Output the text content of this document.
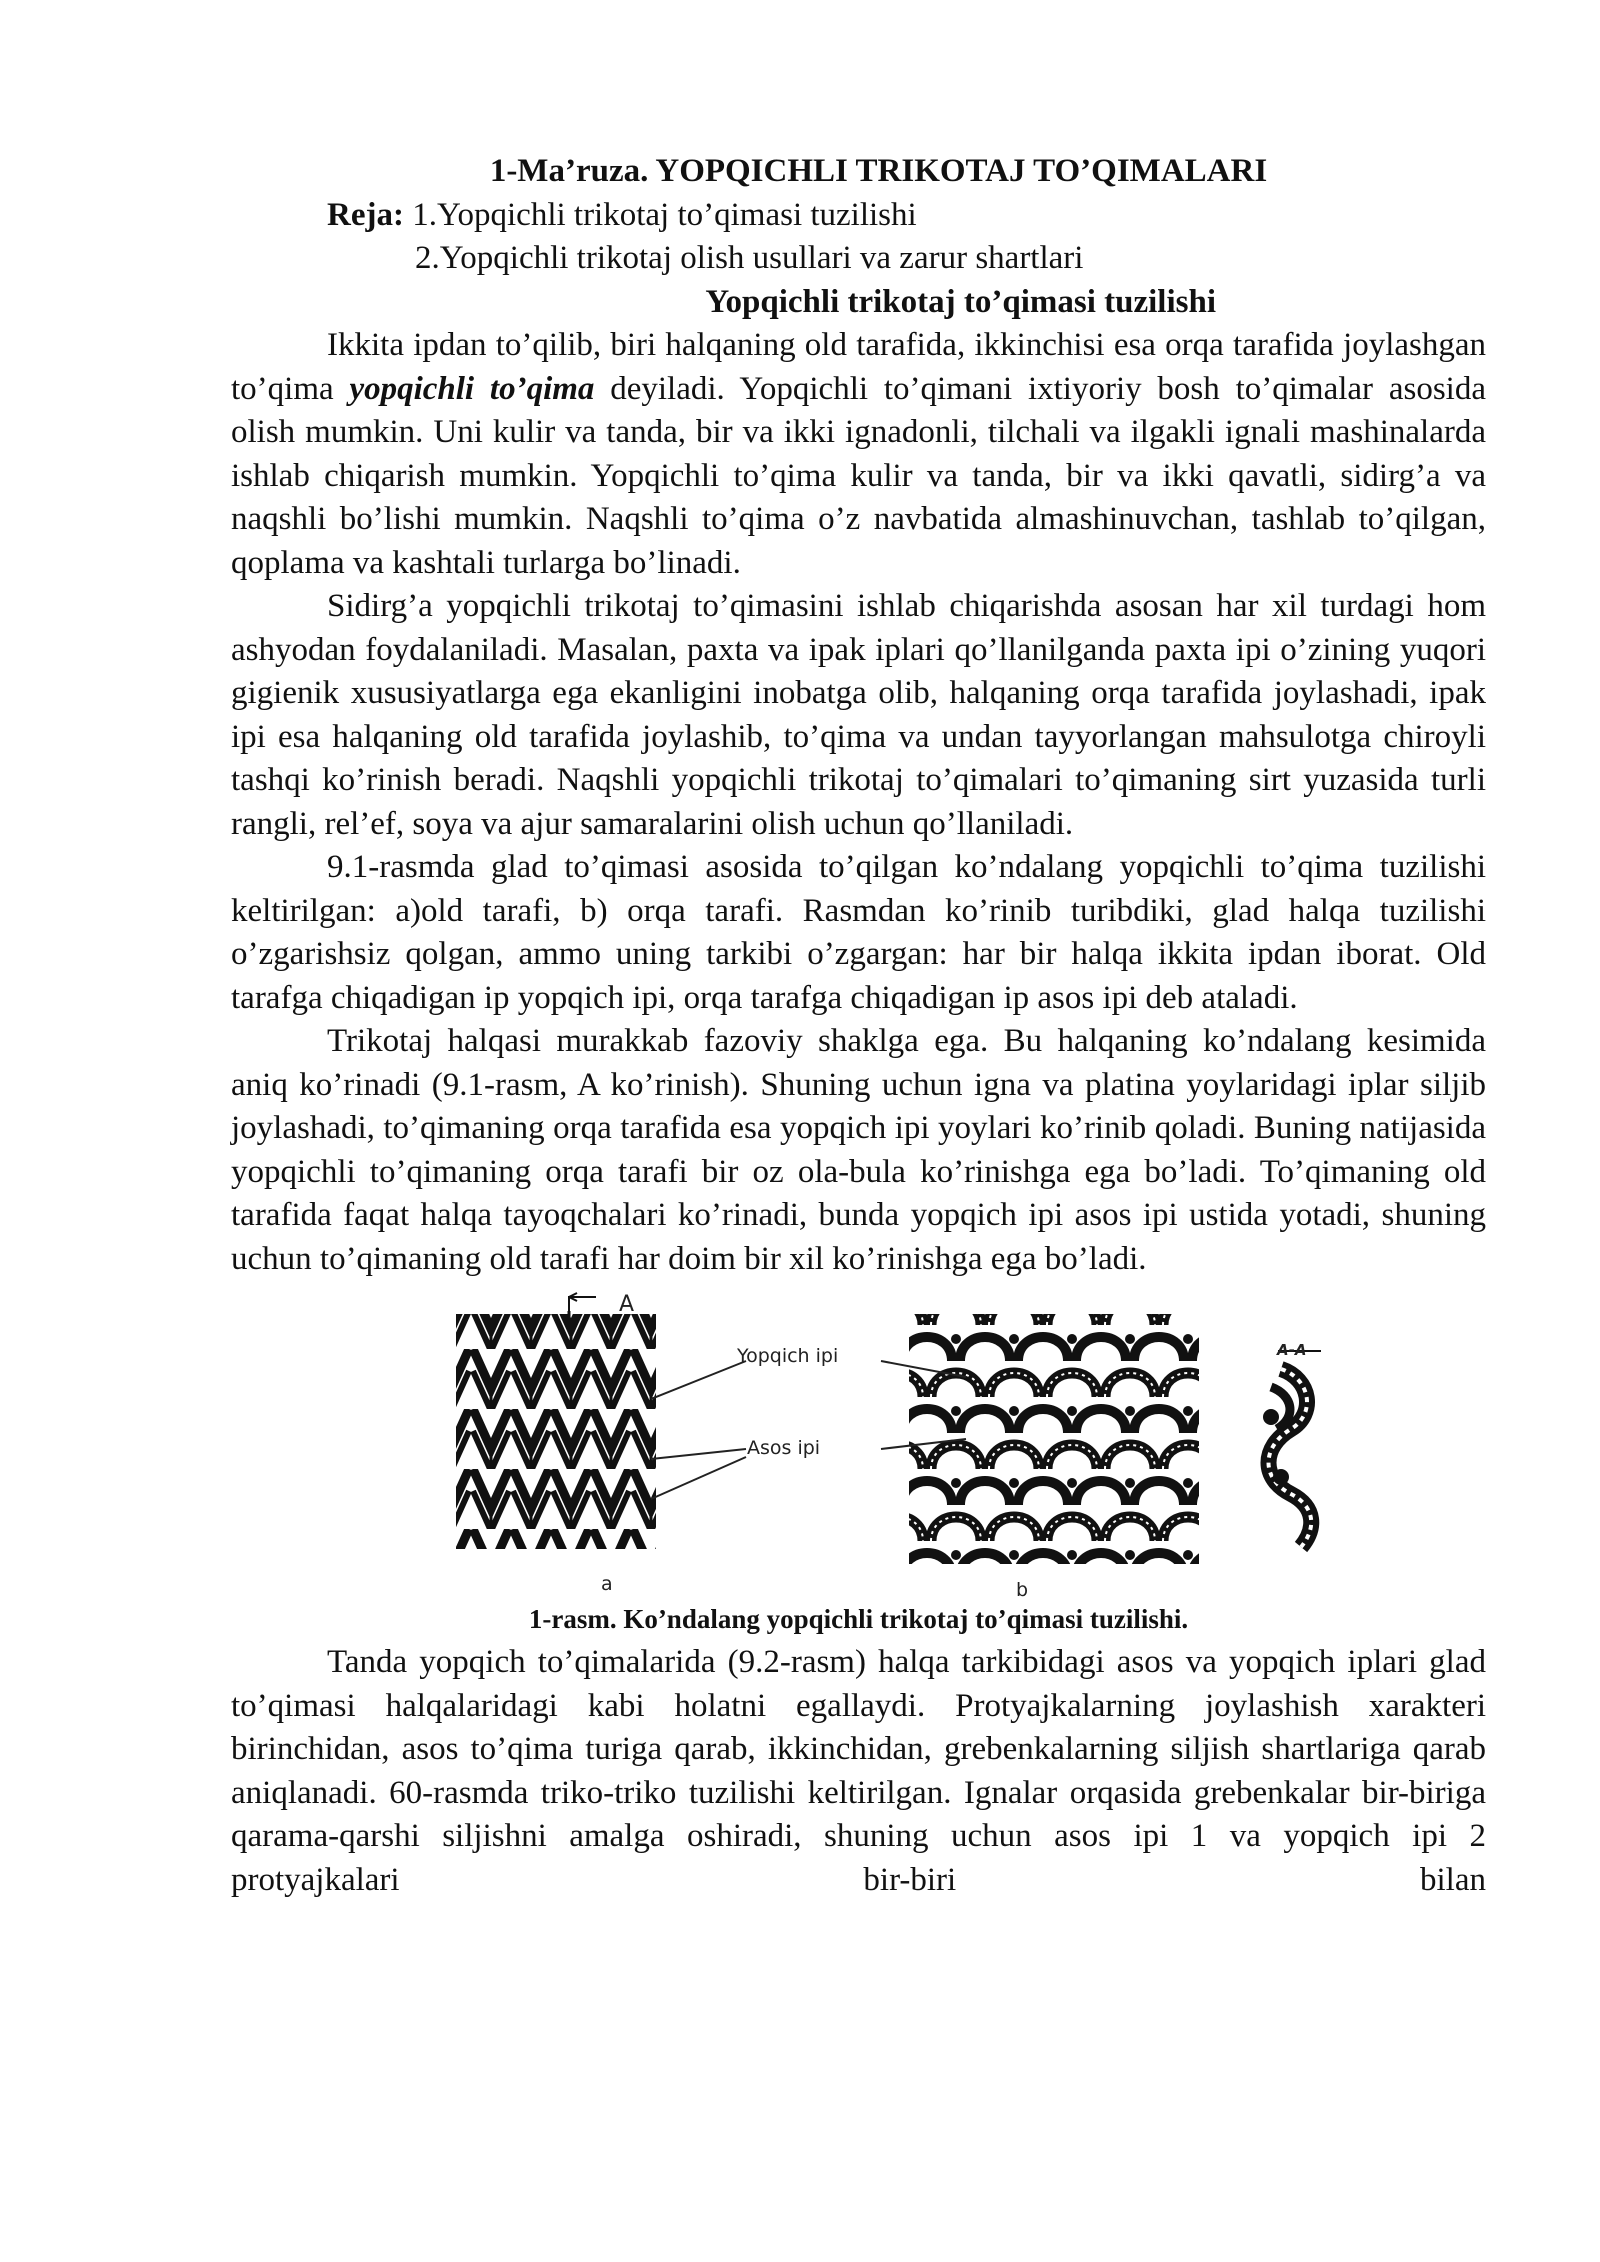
1-Ma’ruza. YOPQICHLI TRIKOTAJ TO’QIMALARI
Reja: 1.Yopqichli trikotaj to’qimasi tuzilishi
2.Yopqichli trikotaj olish usullari va zarur shartlari
Yopqichli trikotaj to’qimasi tuzilishi

Ikkita ipdan to’qilib, biri halqaning old tarafida, ikkinchisi esa orqa tarafida joylashgan to’qima yopqichli to’qima deyiladi. Yopqichli to’qimani ixtiyoriy bosh to’qimalar asosida olish mumkin. Uni kulir va tanda, bir va ikki ignadonli, tilchali va ilgakli ignali mashinalarda ishlab chiqarish mumkin. Yopqichli to’qima kulir va tanda, bir va ikki qavatli, sidirg’a va naqshli bo’lishi mumkin. Naqshli to’qima o’z navbatida almashinuvchan, tashlab to’qilgan, qoplama va kashtali turlarga bo’linadi.

Sidirg’a yopqichli trikotaj to’qimasini ishlab chiqarishda asosan har xil turdagi hom ashyodan foydalaniladi. Masalan, paxta va ipak iplari qo’llanilganda paxta ipi o’zining yuqori gigienik xususiyatlarga ega ekanligini inobatga olib, halqaning orqa tarafida joylashadi, ipak ipi esa halqaning old tarafida joylashib, to’qima va undan tayyorlangan mahsulotga chiroyli tashqi ko’rinish beradi. Naqshli yopqichli trikotaj to’qimalari to’qimaning sirt yuzasida turli rangli, rel’ef, soya va ajur samaralarini olish uchun qo’llaniladi.

9.1-rasmda glad to’qimasi asosida to’qilgan ko’ndalang yopqichli to’qima tuzilishi keltirilgan: a)old tarafi, b) orqa tarafi. Rasmdan ko’rinib turibdiki, glad halqa tuzilishi o’zgarishsiz qolgan, ammo uning tarkibi o’zgargan: har bir halqa ikkita ipdan iborat. Old tarafga chiqadigan ip yopqich ipi, orqa tarafga chiqadigan ip asos ipi deb ataladi.

Trikotaj halqasi murakkab fazoviy shaklga ega. Bu halqaning ko’ndalang kesimida aniq ko’rinadi (9.1-rasm, A ko’rinish). Shuning uchun igna va platina yoylaridagi iplar siljib joylashadi, to’qimaning orqa tarafida esa yopqich ipi yoylari ko’rinib qoladi. Buning natijasida yopqichli to’qimaning orqa tarafi bir oz ola-bula ko’rinishga ega bo’ladi. To’qimaning old tarafida faqat halqa tayoqchalari ko’rinadi, bunda yopqich ipi asos ipi ustida yotadi, shuning uchun to’qimaning old tarafi har doim bir xil ko’rinishga ega bo’ladi.

A
Yopqich ipi
Asos ipi
a	b
A-A
1-rasm. Ko’ndalang yopqichli trikotaj to’qimasi tuzilishi.

Tanda yopqich to’qimalarida (9.2-rasm) halqa tarkibidagi asos va yopqich iplari glad to’qimasi halqalaridagi kabi holatni egallaydi. Protyajkalarning joylashish xarakteri birinchidan, asos to’qima turiga qarab, ikkinchidan, grebenkalarning siljish shartlariga qarab aniqlanadi. 60-rasmda triko-triko tuzilishi keltirilgan. Ignalar orqasida grebenkalar bir-biriga qarama-qarshi siljishni amalga oshiradi, shuning uchun asos ipi 1 va yopqich ipi 2 protyajkalari bir-biri bilan
